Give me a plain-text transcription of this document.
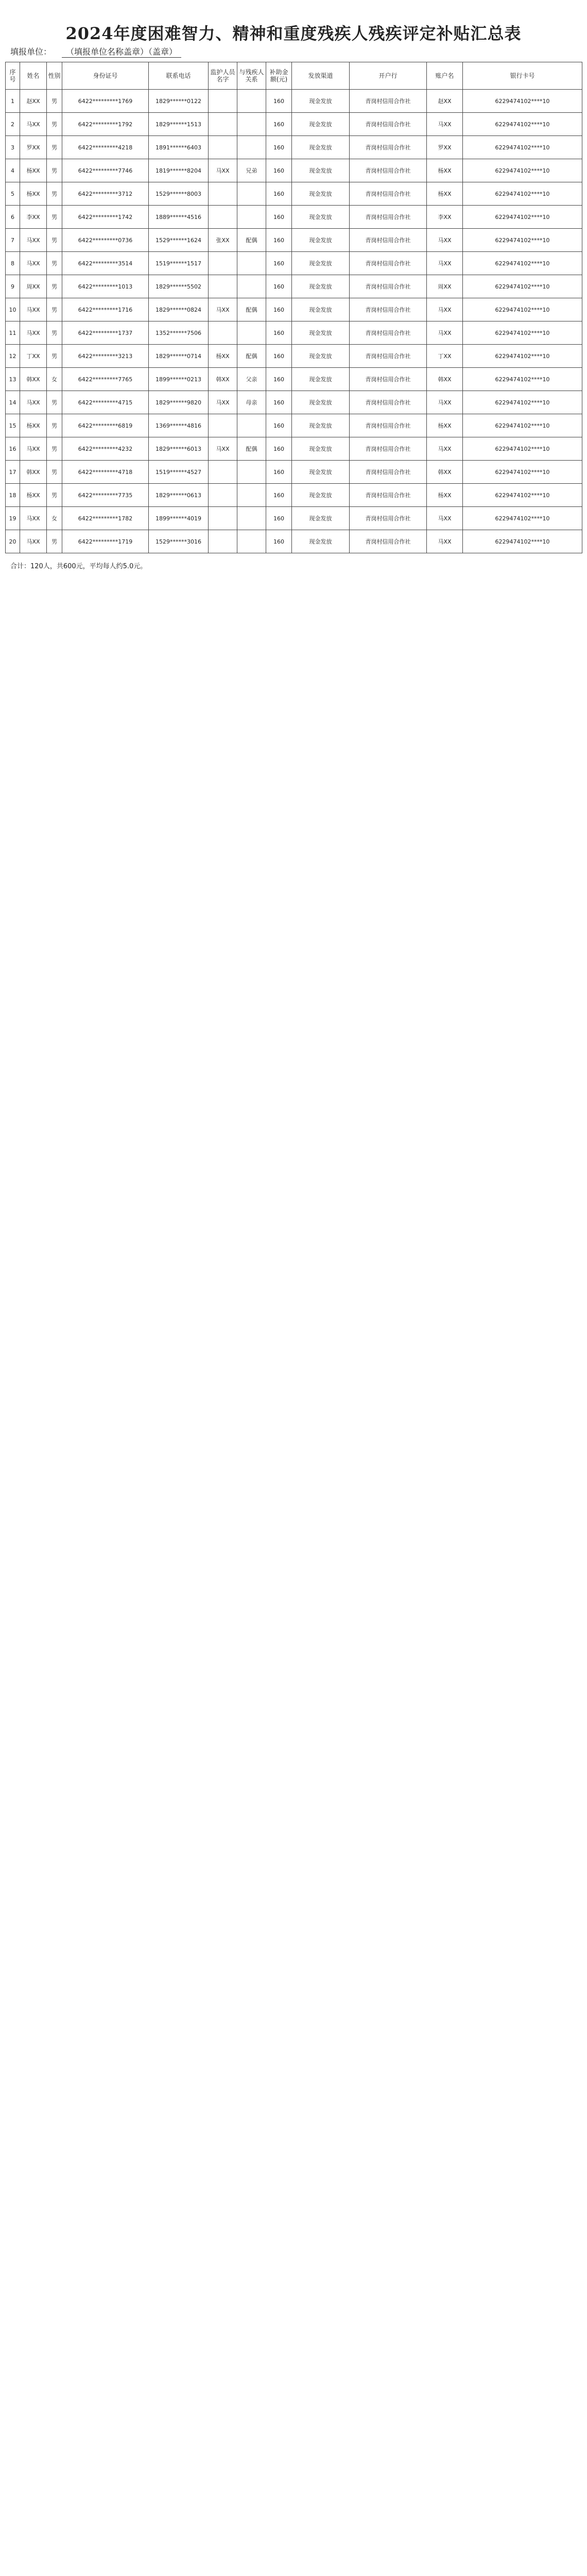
2024年度困难智力、精神和重度残疾人残疾评定补贴汇总表
填报单位：	（填报单位名称盖章）（盖章）
序号	姓名	性别	身份证号	联系电话	监护人员名字	与残疾人关系	补助金额(元)	发放渠道	开户行	账户名	银行卡号
1	赵XX	男	6422*********1769	1829******0122			160	现金发放	青岗村信用合作社	赵XX	6229474102****10
2	马XX	男	6422*********1792	1829******1513			160	现金发放	青岗村信用合作社	马XX	6229474102****10
3	罗XX	男	6422*********4218	1891******6403			160	现金发放	青岗村信用合作社	罗XX	6229474102****10
4	杨XX	男	6422*********7746	1819******8204	马XX	兄弟	160	现金发放	青岗村信用合作社	杨XX	6229474102****10
5	杨XX	男	6422*********3712	1529******8003			160	现金发放	青岗村信用合作社	杨XX	6229474102****10
6	李XX	男	6422*********1742	1889******4516			160	现金发放	青岗村信用合作社	李XX	6229474102****10
7	马XX	男	6422*********0736	1529******1624	张XX	配偶	160	现金发放	青岗村信用合作社	马XX	6229474102****10
8	马XX	男	6422*********3514	1519******1517			160	现金发放	青岗村信用合作社	马XX	6229474102****10
9	周XX	男	6422*********1013	1829******5502			160	现金发放	青岗村信用合作社	周XX	6229474102****10
10	马XX	男	6422*********1716	1829******0824	马XX	配偶	160	现金发放	青岗村信用合作社	马XX	6229474102****10
11	马XX	男	6422*********1737	1352******7506			160	现金发放	青岗村信用合作社	马XX	6229474102****10
12	丁XX	男	6422*********3213	1829******0714	杨XX	配偶	160	现金发放	青岗村信用合作社	丁XX	6229474102****10
13	韩XX	女	6422*********7765	1899******0213	韩XX	父亲	160	现金发放	青岗村信用合作社	韩XX	6229474102****10
14	马XX	男	6422*********4715	1829******9820	马XX	母亲	160	现金发放	青岗村信用合作社	马XX	6229474102****10
15	杨XX	男	6422*********6819	1369******4816			160	现金发放	青岗村信用合作社	杨XX	6229474102****10
16	马XX	男	6422*********4232	1829******6013	马XX	配偶	160	现金发放	青岗村信用合作社	马XX	6229474102****10
17	韩XX	男	6422*********4718	1519******4527			160	现金发放	青岗村信用合作社	韩XX	6229474102****10
18	杨XX	男	6422*********7735	1829******0613			160	现金发放	青岗村信用合作社	杨XX	6229474102****10
19	马XX	女	6422*********1782	1899******4019			160	现金发放	青岗村信用合作社	马XX	6229474102****10
20	马XX	男	6422*********1719	1529******3016			160	现金发放	青岗村信用合作社	马XX	6229474102****10
合计：120人，共600元，平均每人约5.0元。
